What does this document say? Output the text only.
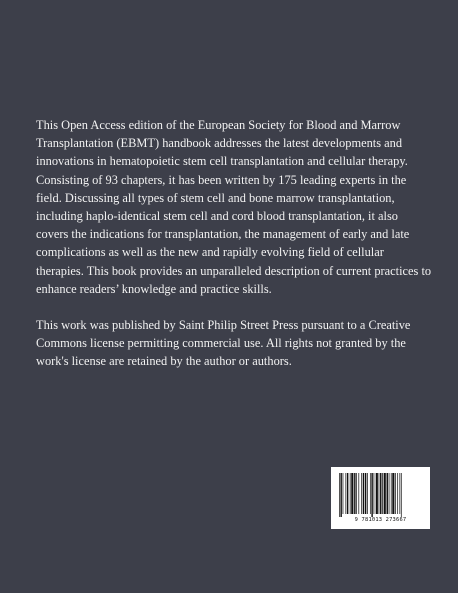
This Open Access edition of the European Society for Blood and Marrow Transplantation (EBMT) handbook addresses the latest developments and innovations in hematopoietic stem cell transplantation and cellular therapy. Consisting of 93 chapters, it has been written by 175 leading experts in the field. Discussing all types of stem cell and bone marrow transplantation, including haplo-identical stem cell and cord blood transplantation, it also covers the indications for transplantation, the management of early and late complications as well as the new and rapidly evolving field of cellular therapies. This book provides an unparalleled description of current practices to enhance readers’ knowledge and practice skills.

This work was published by Saint Philip Street Press pursuant to a Creative Commons license permitting commercial use. All rights not granted by the work's license are retained by the author or authors.

9 781013 273667
